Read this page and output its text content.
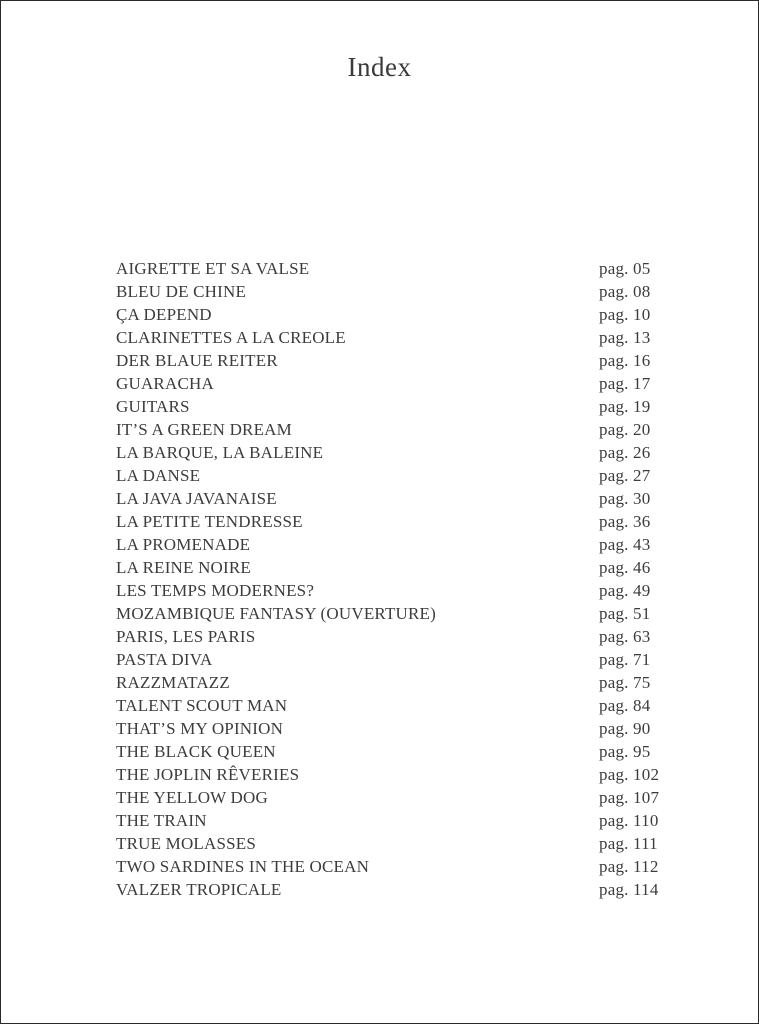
Index
AIGRETTE ET SA VALSE	pag. 05
BLEU DE CHINE	pag. 08
ÇA DEPEND	pag. 10
CLARINETTES A LA CREOLE	pag. 13
DER BLAUE REITER	pag. 16
GUARACHA	pag. 17
GUITARS	pag. 19
IT’S A GREEN DREAM	pag. 20
LA BARQUE, LA BALEINE	pag. 26
LA DANSE	pag. 27
LA JAVA JAVANAISE	pag. 30
LA PETITE TENDRESSE	pag. 36
LA PROMENADE	pag. 43
LA REINE NOIRE	pag. 46
LES TEMPS MODERNES?	pag. 49
MOZAMBIQUE FANTASY (OUVERTURE)	pag. 51
PARIS, LES PARIS	pag. 63
PASTA DIVA	pag. 71
RAZZMATAZZ	pag. 75
TALENT SCOUT MAN	pag. 84
THAT’S MY OPINION	pag. 90
THE BLACK QUEEN	pag. 95
THE JOPLIN RÊVERIES	pag. 102
THE YELLOW DOG	pag. 107
THE TRAIN	pag. 110
TRUE MOLASSES	pag. 111
TWO SARDINES IN THE OCEAN	pag. 112
VALZER TROPICALE	pag. 114
